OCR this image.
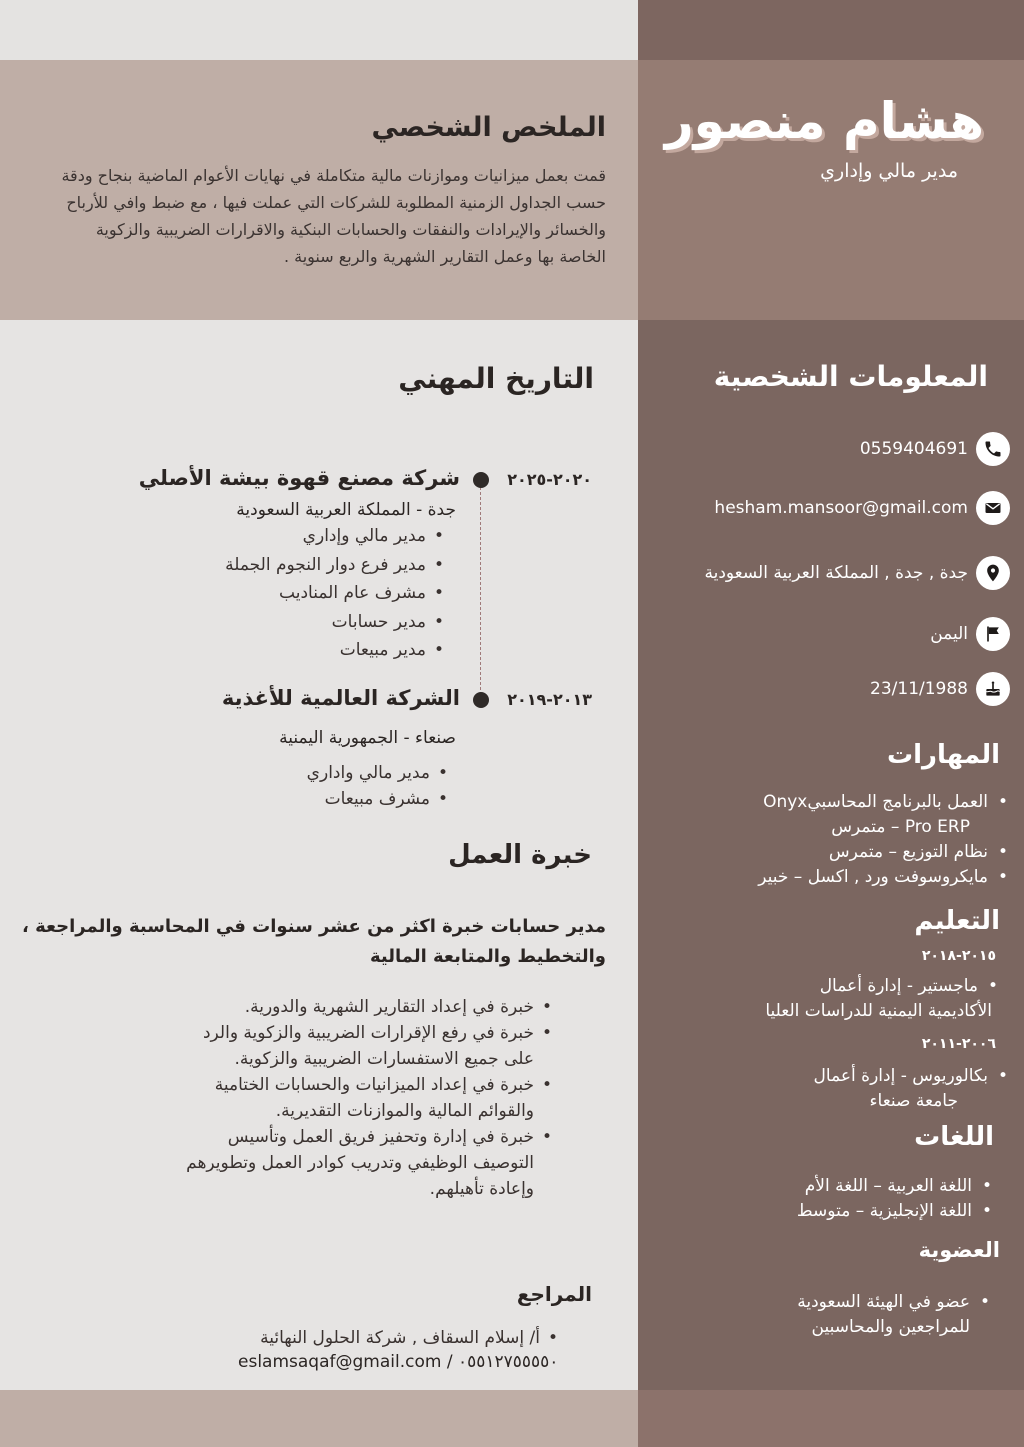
هشام منصور
مدير مالي وإداري
الملخص الشخصي
قمت بعمل ميزانيات وموازنات مالية متكاملة في نهايات الأعوام الماضية بنجاح ودقة حسب الجداول الزمنية المطلوبة للشركات التي عملت فيها ، مع ضبط وافي للأرباح والخسائر والإيرادات والنفقات والحسابات البنكية والاقرارات الضريبية والزكوية الخاصة بها وعمل التقارير الشهرية والربع سنوية .
المعلومات الشخصية
0559404691
hesham.mansoor@gmail.com
جدة , جدة , المملكة العربية السعودية
اليمن
23/11/1988
المهارات
• العمل بالبرنامج المحاسبيOnyx
Pro ERP – متمرس
• نظام التوزيع – متمرس
• مايكروسوفت ورد , اكسل – خبير
التعليم
٢٠١٥-٢٠١٨
• ماجستير - إدارة أعمال
الأكاديمية اليمنية للدراسات العليا
٢٠٠٦-٢٠١١
• بكالوريوس - إدارة أعمال
جامعة صنعاء
اللغات
• اللغة العربية – اللغة الأم
• اللغة الإنجليزية – متوسط
العضوية
• عضو في الهيئة السعودية للمراجعين والمحاسبين
التاريخ المهني
٢٠٢٠-٢٠٢٥
شركة مصنع قهوة بيشة الأصلي
جدة - المملكة العربية السعودية
• مدير مالي وإداري
• مدير فرع دوار النجوم الجملة
• مشرف عام المناديب
• مدير حسابات
• مدير مبيعات
٢٠١٣-٢٠١٩
الشركة العالمية للأغذية
صنعاء - الجمهورية اليمنية
• مدير مالي واداري
• مشرف مبيعات
خبرة العمل
مدير حسابات خبرة اكثر من عشر سنوات في المحاسبة والمراجعة ، والتخطيط والمتابعة المالية
• خبرة في إعداد التقارير الشهرية والدورية.
• خبرة في رفع الإقرارات الضريبية والزكوية والرد على جميع الاستفسارات الضريبية والزكوية.
• خبرة في إعداد الميزانيات والحسابات الختامية والقوائم المالية والموازنات التقديرية.
• خبرة في إدارة وتحفيز فريق العمل وتأسيس التوصيف الوظيفي وتدريب كوادر العمل وتطويرهم وإعادة تأهيلهم.
المراجع
• أ/ إسلام السقاف , شركة الحلول النهائية
eslamsaqaf@gmail.com / ٠٥٥١٢٧٥٥٥٥٠
